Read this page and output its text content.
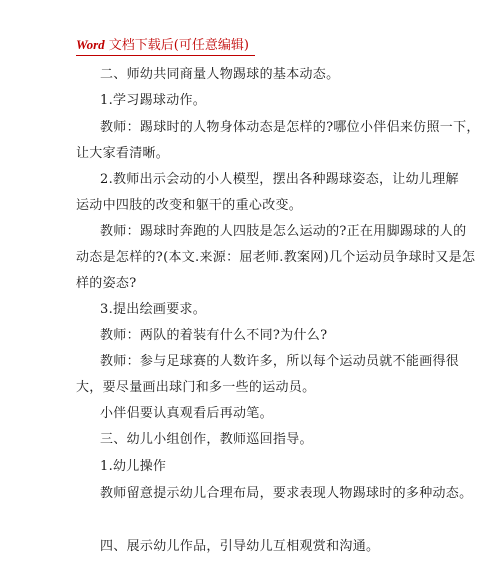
Word 文档下载后(可任意编辑)
二、师幼共同商量人物踢球的基本动态。
1.学习踢球动作。
教师：踢球时的人物身体动态是怎样的?哪位小伴侣来仿照一下，
让大家看清晰。
2.教师出示会动的小人模型，摆出各种踢球姿态，让幼儿理解
运动中四肢的改变和躯干的重心改变。
教师：踢球时奔跑的人四肢是怎么运动的?正在用脚踢球的人的
动态是怎样的?(本文.来源：屈老师.教案网)几个运动员争球时又是怎
样的姿态?
3.提出绘画要求。
教师：两队的着装有什么不同?为什么?
教师：参与足球赛的人数许多，所以每个运动员就不能画得很
大，要尽量画出球门和多一些的运动员。
小伴侣要认真观看后再动笔。
三、幼儿小组创作，教师巡回指导。
1.幼儿操作
教师留意提示幼儿合理布局，要求表现人物踢球时的多种动态。
四、展示幼儿作品，引导幼儿互相观赏和沟通。
